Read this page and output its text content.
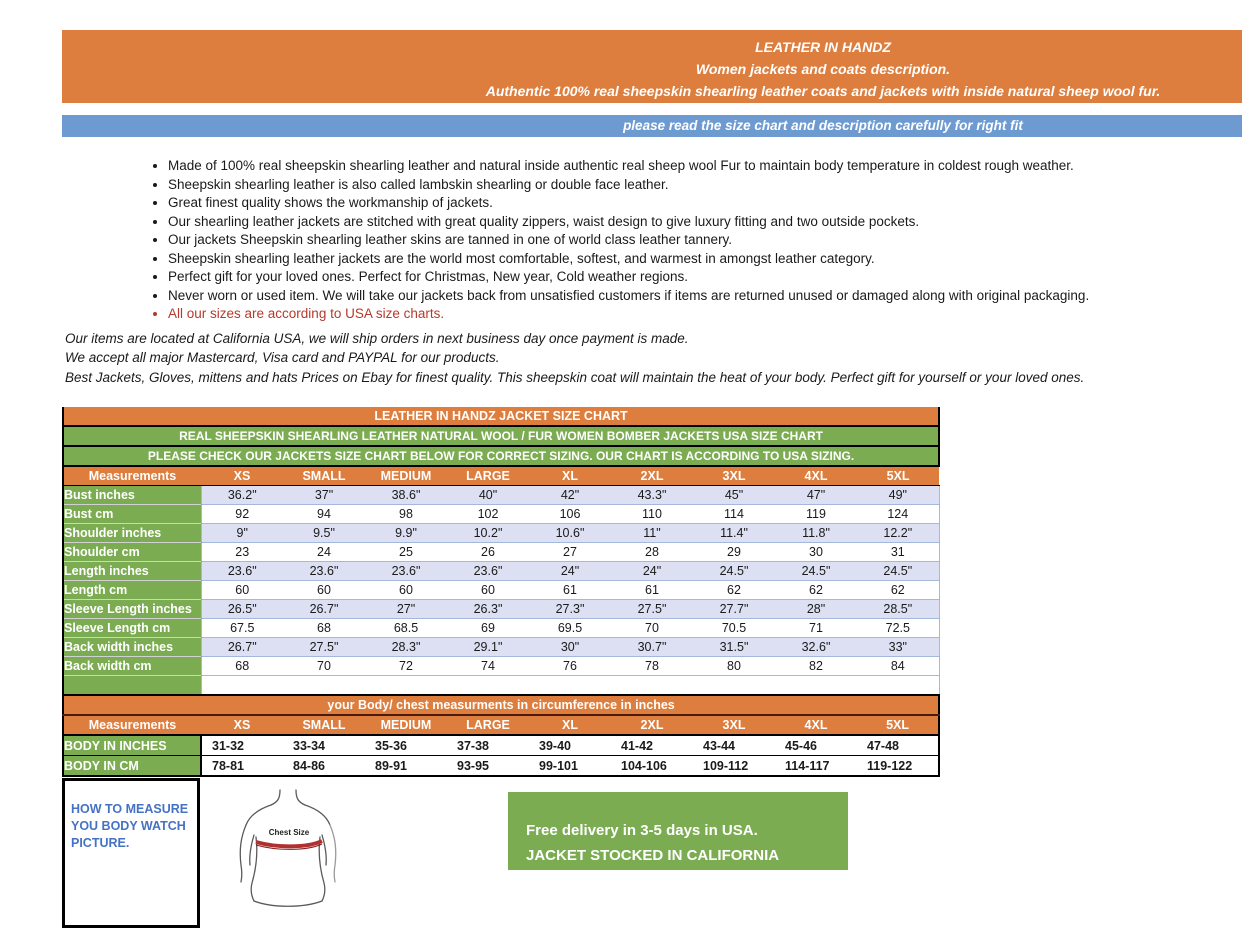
LEATHER IN HANDZ
Women jackets and coats description.
Authentic 100% real sheepskin shearling leather coats and jackets with inside natural sheep wool fur.
please read the size chart and description carefully for right fit
• Made of 100% real sheepskin shearling leather and natural inside authentic real sheep wool Fur to maintain body temperature in coldest rough weather.
• Sheepskin shearling leather is also called lambskin shearling or double face leather.
• Great finest quality shows the workmanship of jackets.
• Our shearling leather jackets are stitched with great quality zippers, waist design to give luxury fitting and two outside pockets.
• Our jackets Sheepskin shearling leather skins are tanned in one of world class leather tannery.
• Sheepskin shearling leather jackets are the world most comfortable, softest, and warmest in amongst leather category.
• Perfect gift for your loved ones. Perfect for Christmas, New year, Cold weather regions.
• Never worn or used item. We will take our jackets back from unsatisfied customers if items are returned unused or damaged along with original packaging.
• All our sizes are according to USA size charts.
Our items are located at California USA, we will ship orders in next business day once payment is made.
We accept all major Mastercard, Visa card and PAYPAL for our products.
Best Jackets, Gloves, mittens and hats Prices on Ebay for finest quality. This sheepskin coat will maintain the heat of your body. Perfect gift for yourself or your loved ones.
LEATHER IN HANDZ JACKET SIZE CHART									
REAL SHEEPSKIN SHEARLING LEATHER NATURAL WOOL / FUR WOMEN BOMBER JACKETS USA SIZE CHART									
PLEASE CHECK OUR JACKETS SIZE CHART BELOW FOR CORRECT SIZING. OUR CHART IS ACCORDING TO USA SIZING.									
Measurements	XS	SMALL	MEDIUM	LARGE	XL	2XL	3XL	4XL	5XL
Bust inches	36.2"	37"	38.6"	40"	42"	43.3"	45"	47"	49"
Bust cm	92	94	98	102	106	110	114	119	124
Shoulder inches	9"	9.5"	9.9"	10.2"	10.6"	11"	11.4"	11.8"	12.2"
Shoulder cm	23	24	25	26	27	28	29	30	31
Length inches	23.6"	23.6"	23.6"	23.6"	24"	24"	24.5"	24.5"	24.5"
Length cm	60	60	60	60	61	61	62	62	62
Sleeve Length inches	26.5"	26.7"	27"	26.3"	27.3"	27.5"	27.7"	28"	28.5"
Sleeve Length cm	67.5	68	68.5	69	69.5	70	70.5	71	72.5
Back width inches	26.7"	27.5"	28.3"	29.1"	30"	30.7"	31.5"	32.6"	33"
Back width cm	68	70	72	74	76	78	80	82	84

your Body/ chest measurments in circumference in inches									
Measurements	XS	SMALL	MEDIUM	LARGE	XL	2XL	3XL	4XL	5XL
BODY IN INCHES	31-32	33-34	35-36	37-38	39-40	41-42	43-44	45-46	47-48
BODY IN CM	78-81	84-86	89-91	93-95	99-101	104-106	109-112	114-117	119-122
HOW TO MEASURE YOU BODY WATCH PICTURE.
Chest Size	Free delivery in 3-5 days in USA.
JACKET STOCKED IN CALIFORNIA
